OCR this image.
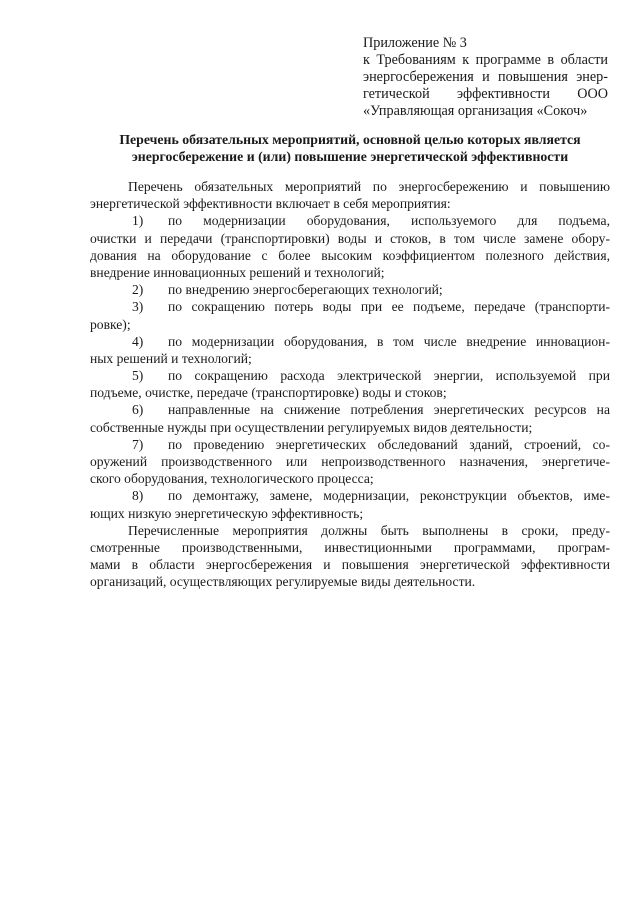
Приложение № 3
к Требованиям к программе в области
энергосбережения и повышения энер-
гетической эффективности ООО
«Управляющая организация «Сокоч»
Перечень обязательных мероприятий, основной целью которых является
энергосбережение и (или) повышение энергетической эффективности
Перечень обязательных мероприятий по энергосбережению и повышению
энергетической эффективности включает в себя мероприятия:
1) по модернизации оборудования, используемого для подъема,
очистки и передачи (транспортировки) воды и стоков, в том числе замене обору-
дования на оборудование с более высоким коэффициентом полезного действия,
внедрение инновационных решений и технологий;
2) по внедрению энергосберегающих технологий;
3) по сокращению потерь воды при ее подъеме, передаче (транспорти-
ровке);
4) по модернизации оборудования, в том числе внедрение инновацион-
ных решений и технологий;
5) по сокращению расхода электрической энергии, используемой при
подъеме, очистке, передаче (транспортировке) воды и стоков;
6) направленные на снижение потребления энергетических ресурсов на
собственные нужды при осуществлении регулируемых видов деятельности;
7) по проведению энергетических обследований зданий, строений, со-
оружений производственного или непроизводственного назначения, энергетиче-
ского оборудования, технологического процесса;
8) по демонтажу, замене, модернизации, реконструкции объектов, име-
ющих низкую энергетическую эффективность;
Перечисленные мероприятия должны быть выполнены в сроки, преду-
смотренные производственными, инвестиционными программами, програм-
мами в области энергосбережения и повышения энергетической эффективности
организаций, осуществляющих регулируемые виды деятельности.
